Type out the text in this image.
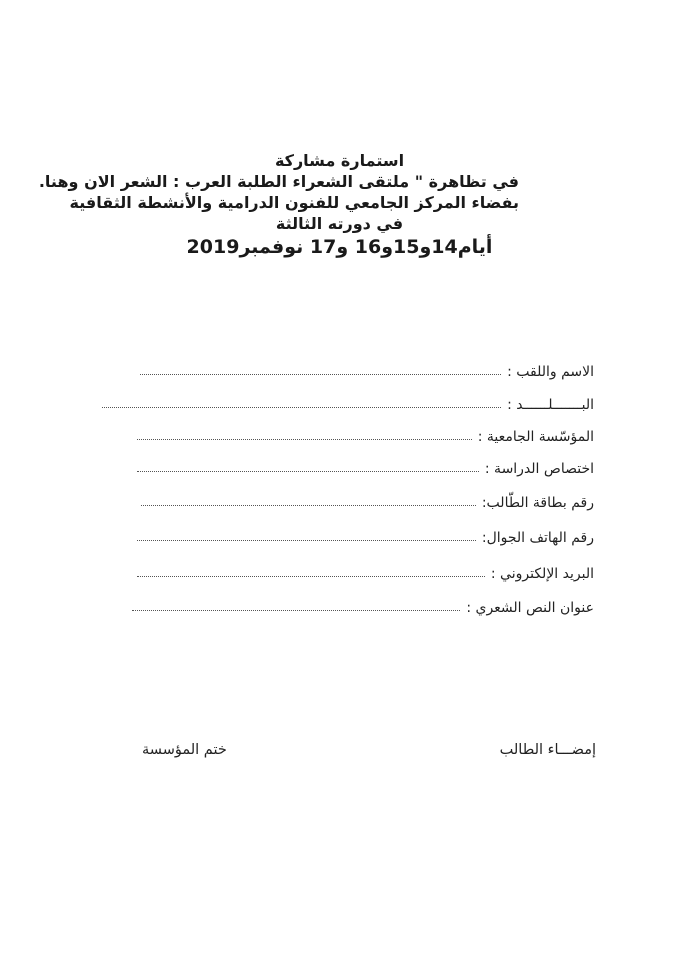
استمارة مشاركة
في تظاهرة " ملتقى الشعراء الطلبة العرب : الشعر الان وهنا.
بفضاء المركز الجامعي للفنون الدرامية والأنشطة الثقافية
في دورته الثالثة
أيام14و15و16 و17 نوفمبر2019
الاسم واللقب :
البـــــــلــــــد :
المؤسّسة الجامعية :
اختصاص الدراسة :
رقم بطاقة الطّالب:
رقم الهاتف الجوال:
البريد الإلكتروني :
عنوان النص الشعري :
إمضـــاء الطالب
ختم المؤسسة
